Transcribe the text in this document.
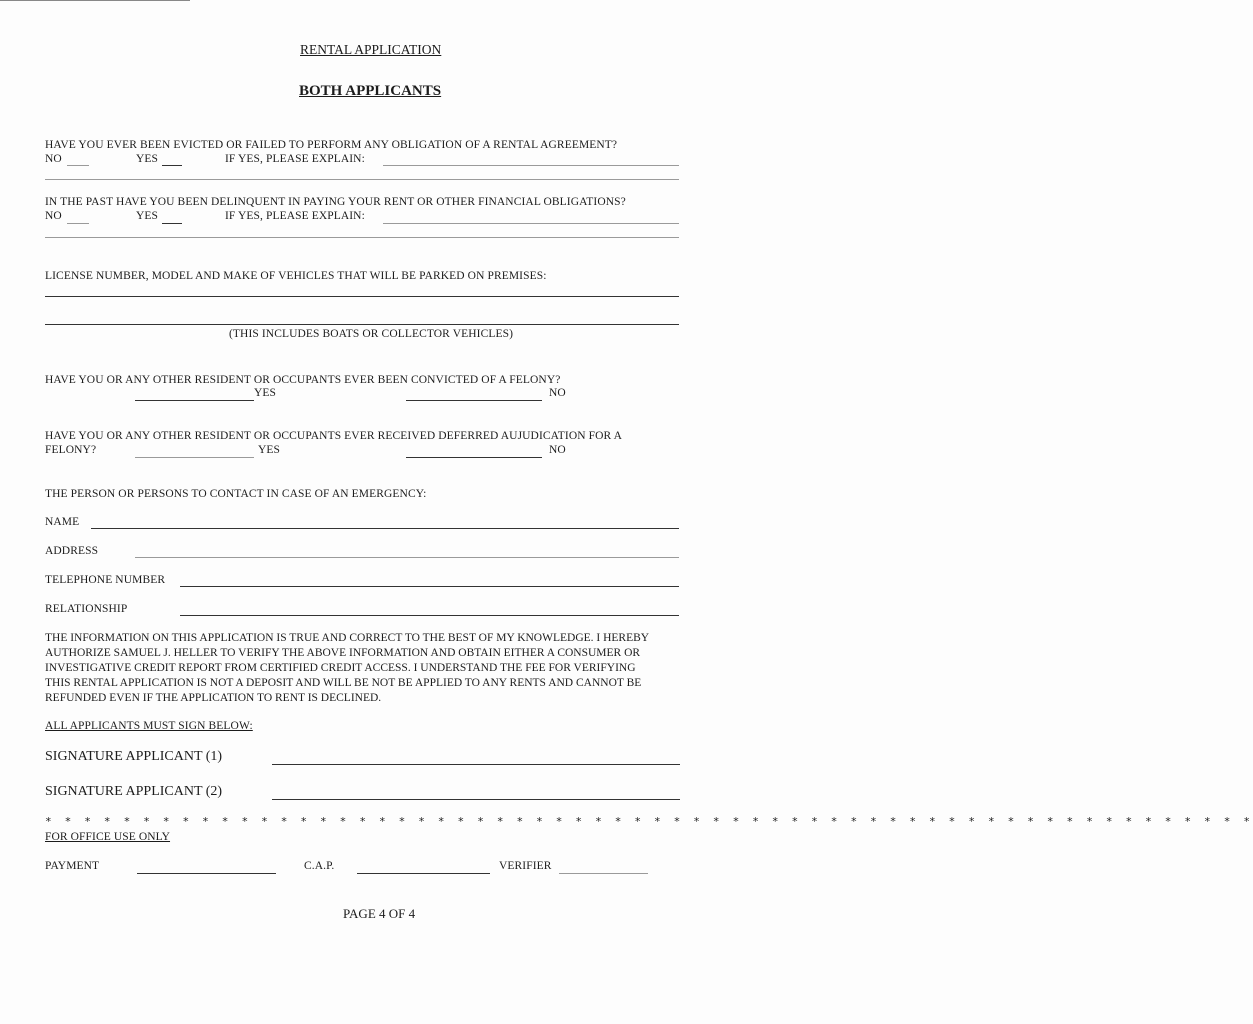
RENTAL APPLICATION
BOTH APPLICANTS
HAVE YOU EVER BEEN EVICTED OR FAILED TO PERFORM ANY OBLIGATION OF A RENTAL AGREEMENT?
NO	YES	IF YES, PLEASE EXPLAIN:
IN THE PAST HAVE YOU BEEN DELINQUENT IN PAYING YOUR RENT OR OTHER FINANCIAL OBLIGATIONS?
NO	YES	IF YES, PLEASE EXPLAIN:
LICENSE NUMBER, MODEL AND MAKE OF VEHICLES THAT WILL BE PARKED ON PREMISES:
(THIS INCLUDES BOATS OR COLLECTOR VEHICLES)
HAVE YOU OR ANY OTHER RESIDENT OR OCCUPANTS EVER BEEN CONVICTED OF A FELONY?
YES	NO
HAVE YOU OR ANY OTHER RESIDENT OR OCCUPANTS EVER RECEIVED DEFERRED AUJUDICATION FOR A
FELONY?	YES	NO
THE PERSON OR PERSONS TO CONTACT IN CASE OF AN EMERGENCY:
NAME
ADDRESS
TELEPHONE NUMBER
RELATIONSHIP
THE INFORMATION ON THIS APPLICATION IS TRUE AND CORRECT TO THE BEST OF MY KNOWLEDGE. I HEREBY
AUTHORIZE SAMUEL J. HELLER TO VERIFY THE ABOVE INFORMATION AND OBTAIN EITHER A CONSUMER OR
INVESTIGATIVE CREDIT REPORT FROM CERTIFIED CREDIT ACCESS. I UNDERSTAND THE FEE FOR VERIFYING
THIS RENTAL APPLICATION IS NOT A DEPOSIT AND WILL BE NOT BE APPLIED TO ANY RENTS AND CANNOT BE
REFUNDED EVEN IF THE APPLICATION TO RENT IS DECLINED.
ALL APPLICANTS MUST SIGN BELOW:
SIGNATURE APPLICANT (1)
SIGNATURE APPLICANT (2)
* * * * * * * * * * * * * * * * * * * * * * * * * * * * * * * * * * * * * * * * * * * * * * * * * * * * * * * * * * * * * *
FOR OFFICE USE ONLY
PAYMENT	C.A.P.	VERIFIER
PAGE 4 OF 4
